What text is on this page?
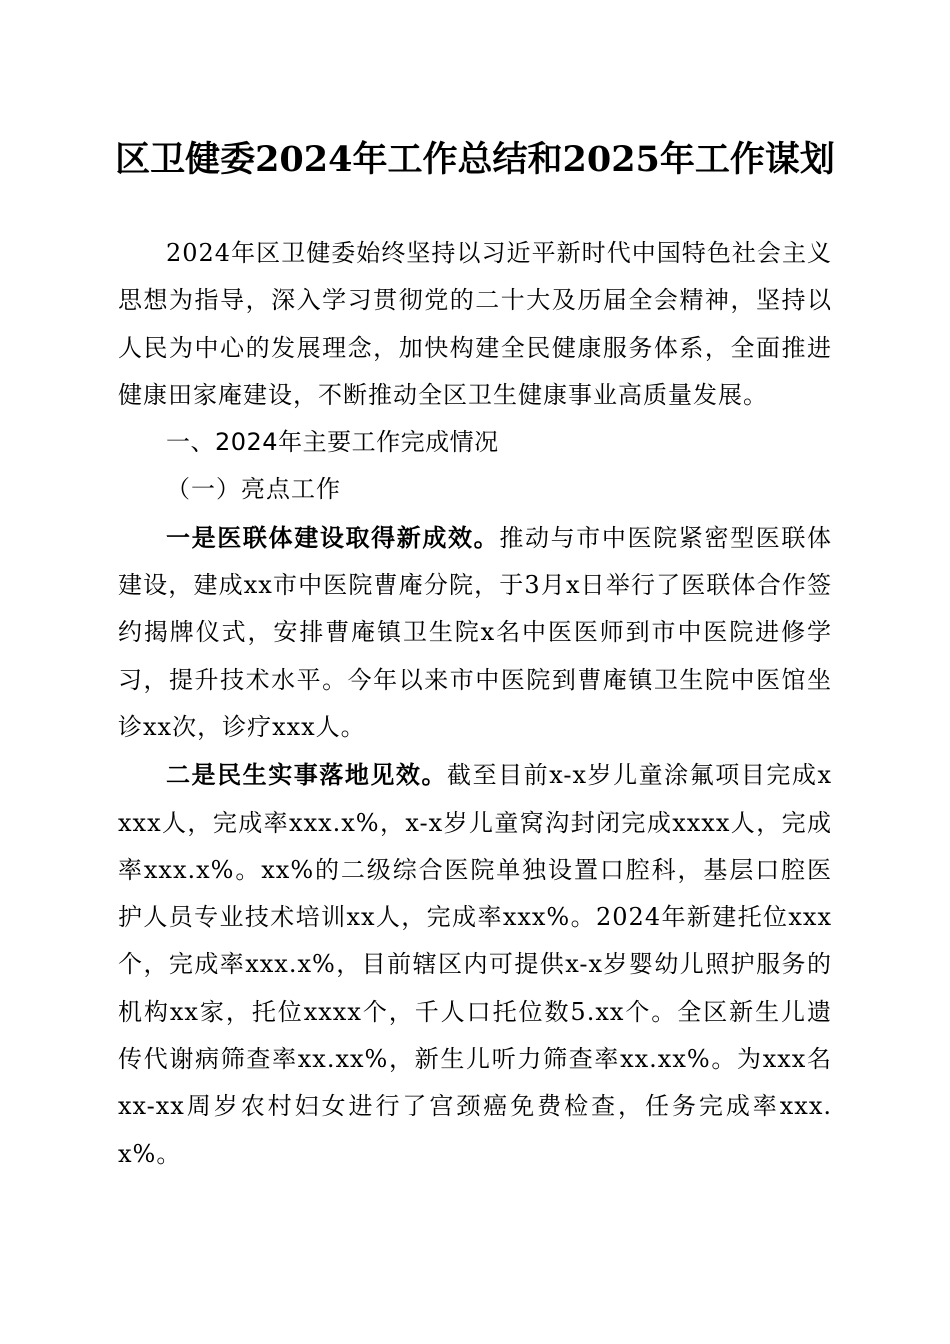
区卫健委2024年工作总结和2025年工作谋划

2024年区卫健委始终坚持以习近平新时代中国特色社会主义思想为指导，深入学习贯彻党的二十大及历届全会精神，坚持以人民为中心的发展理念，加快构建全民健康服务体系，全面推进健康田家庵建设，不断推动全区卫生健康事业高质量发展。

一、2024年主要工作完成情况

（一）亮点工作

一是医联体建设取得新成效。推动与市中医院紧密型医联体建设，建成xx市中医院曹庵分院，于3月x日举行了医联体合作签约揭牌仪式，安排曹庵镇卫生院x名中医医师到市中医院进修学习，提升技术水平。今年以来市中医院到曹庵镇卫生院中医馆坐诊xx次，诊疗xxx人。

二是民生实事落地见效。截至目前x-x岁儿童涂氟项目完成xxxx人，完成率xxx.x%，x-x岁儿童窝沟封闭完成xxxx人，完成率xxx.x%。xx%的二级综合医院单独设置口腔科，基层口腔医护人员专业技术培训xx人，完成率xxx%。2024年新建托位xxx个，完成率xxx.x%，目前辖区内可提供x-x岁婴幼儿照护服务的机构xx家，托位xxxx个，千人口托位数5.xx个。全区新生儿遗传代谢病筛查率xx.xx%，新生儿听力筛查率xx.xx%。为xxx名xx-xx周岁农村妇女进行了宫颈癌免费检查，任务完成率xxx.x%。
